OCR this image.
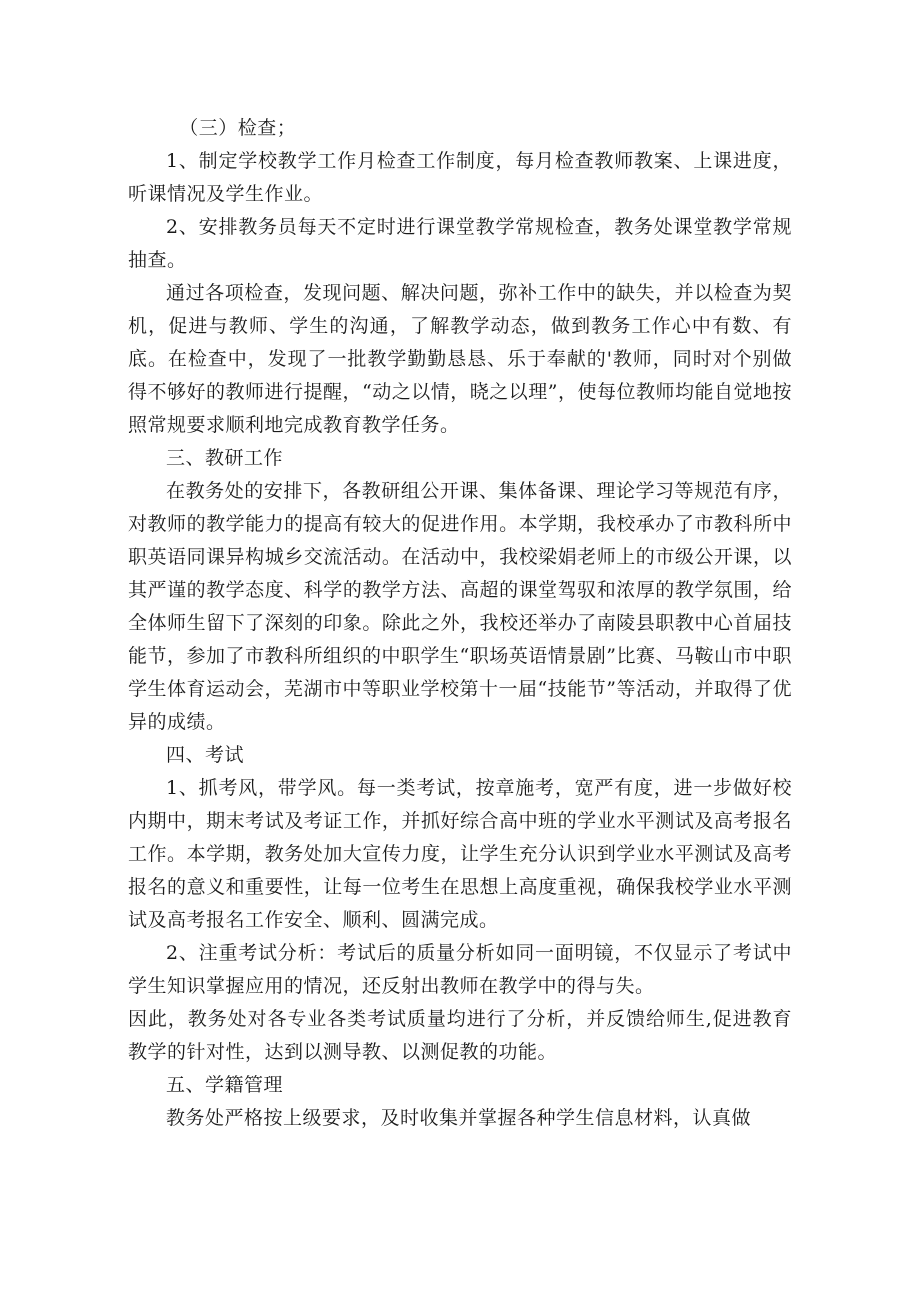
（三）检查；

1、制定学校教学工作月检查工作制度，每月检查教师教案、上课进度，听课情况及学生作业。

2、安排教务员每天不定时进行课堂教学常规检查，教务处课堂教学常规抽查。

通过各项检查，发现问题、解决问题，弥补工作中的缺失，并以检查为契机，促进与教师、学生的沟通，了解教学动态，做到教务工作心中有数、有底。在检查中，发现了一批教学勤勤恳恳、乐于奉献的'教师，同时对个别做得不够好的教师进行提醒，“动之以情，晓之以理”，使每位教师均能自觉地按照常规要求顺利地完成教育教学任务。

三、教研工作

在教务处的安排下，各教研组公开课、集体备课、理论学习等规范有序，对教师的教学能力的提高有较大的促进作用。本学期，我校承办了市教科所中职英语同课异构城乡交流活动。在活动中，我校梁娟老师上的市级公开课，以其严谨的教学态度、科学的教学方法、高超的课堂驾驭和浓厚的教学氛围，给全体师生留下了深刻的印象。除此之外，我校还举办了南陵县职教中心首届技能节，参加了市教科所组织的中职学生“职场英语情景剧”比赛、马鞍山市中职学生体育运动会，芜湖市中等职业学校第十一届“技能节”等活动，并取得了优异的成绩。

四、考试

1、抓考风，带学风。每一类考试，按章施考，宽严有度，进一步做好校内期中，期末考试及考证工作，并抓好综合高中班的学业水平测试及高考报名工作。本学期，教务处加大宣传力度，让学生充分认识到学业水平测试及高考报名的意义和重要性，让每一位考生在思想上高度重视，确保我校学业水平测试及高考报名工作安全、顺利、圆满完成。

2、注重考试分析：考试后的质量分析如同一面明镜，不仅显示了考试中学生知识掌握应用的情况，还反射出教师在教学中的得与失。

因此，教务处对各专业各类考试质量均进行了分析，并反馈给师生,促进教育教学的针对性，达到以测导教、以测促教的功能。

五、学籍管理

教务处严格按上级要求，及时收集并掌握各种学生信息材料，认真做
